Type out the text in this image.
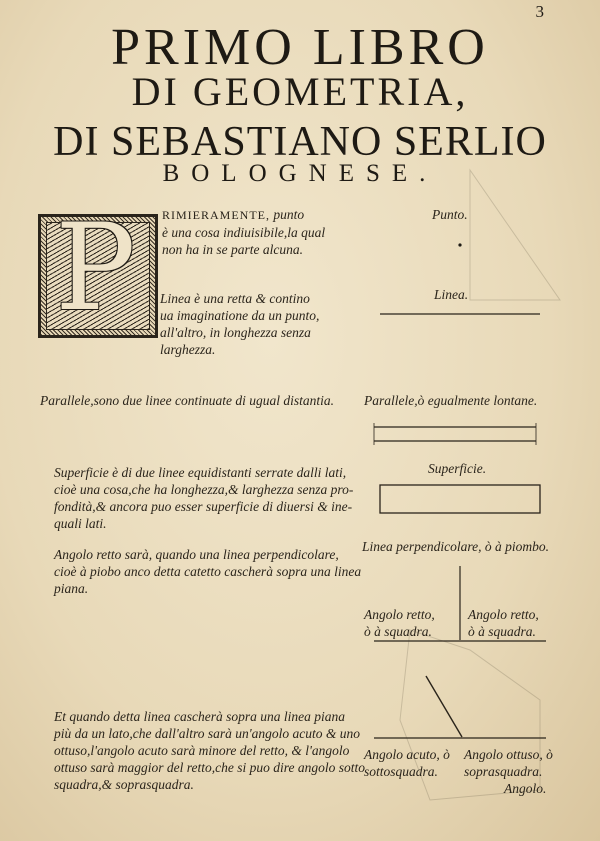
3
PRIMO LIBRO
DI GEOMETRIA,
DI SEBASTIANO SERLIO
BOLOGNESE.
P RIMIERAMENTE, punto
è una cosa indiuisibile,la qual
non ha in se parte alcuna.
Linea è una retta & contino
ua imaginatione da un punto,
all'altro, in longhezza senza
larghezza.
Parallele,sono due linee continuate di ugual distantia.
Superficie è di due linee equidistanti serrate dalli lati,
cioè una cosa,che ha longhezza,& larghezza senza pro-
fondità,& ancora puo esser superficie di diuersi & ine-
quali lati.
Angolo retto sarà, quando una linea perpendicolare,
cioè à piobo anco detta catetto cascherà sopra una linea
piana.
Et quando detta linea cascherà sopra una linea piana
più da un lato,che dall'altro sarà un'angolo acuto & uno
ottuso,l'angolo acuto sarà minore del retto, & l'angolo
ottuso sarà maggior del retto,che si puo dire angolo sotto
squadra,& soprasquadra.
Punto.
Linea.
Parallele,ò egualmente lontane.
Superficie.
Linea perpendicolare, ò à piombo.
Angolo retto,
ò à squadra.
Angolo retto,
ò à squadra.
Angolo acuto, ò
sottosquadra.
Angolo ottuso, ò
soprasquadra.
Angolo.
